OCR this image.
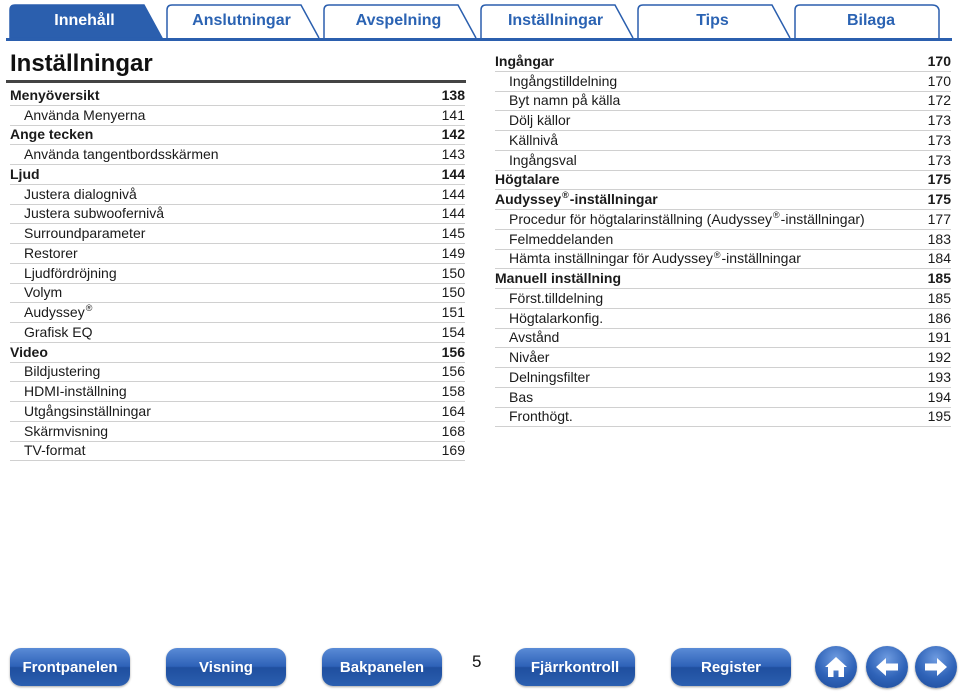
Innehåll	Anslutningar	Avspelning	Inställningar	Tips	Bilaga
Inställningar
Menyöversikt	138
Använda Menyerna	141
Ange tecken	142
Använda tangentbordsskärmen	143
Ljud	144
Justera dialognivå	144
Justera subwoofernivå	144
Surroundparameter	145
Restorer	149
Ljudfördröjning	150
Volym	150
Audyssey®	151
Grafisk EQ	154
Video	156
Bildjustering	156
HDMI-inställning	158
Utgångsinställningar	164
Skärmvisning	168
TV-format	169
Ingångar	170
Ingångstilldelning	170
Byt namn på källa	172
Dölj källor	173
Källnivå	173
Ingångsval	173
Högtalare	175
Audyssey®-inställningar	175
Procedur för högtalarinställning (Audyssey®-inställningar)	177
Felmeddelanden	183
Hämta inställningar för Audyssey®-inställningar	184
Manuell inställning	185
Först.tilldelning	185
Högtalarkonfig.	186
Avstånd	191
Nivåer	192
Delningsfilter	193
Bas	194
Fronthögt.	195
Frontpanelen	Visning	Bakpanelen	5	Fjärrkontroll	Register
